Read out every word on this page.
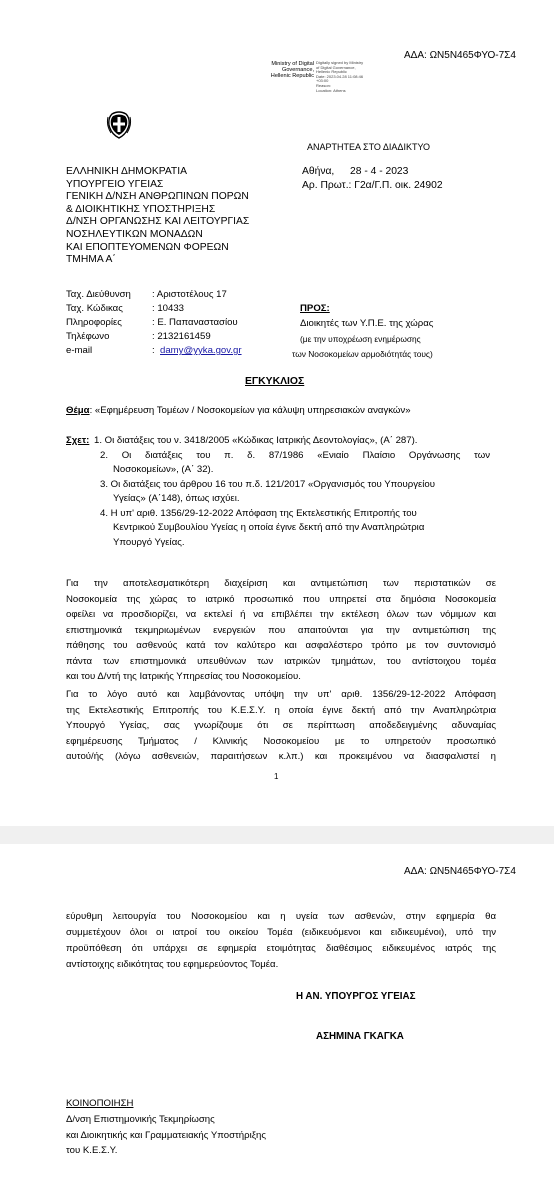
ΑΔΑ: ΩΝ5Ν465ΦΥΟ-7Σ4
Ministry of Digital
Governance,
Hellenic Republic
Digitally signed by Ministry
of Digital Governance,
Hellenic Republic
Date: 2023.04.28 11:08:46
+03:00
Reason:
Location: Athens
ΑΝΑΡΤΗΤΕΑ ΣΤΟ ΔΙΑΔΙΚΤΥΟ
ΕΛΛΗΝΙΚΗ ΔΗΜΟΚΡΑΤΙΑ
ΥΠΟΥΡΓΕΙΟ ΥΓΕΙΑΣ
ΓΕΝΙΚΗ Δ/ΝΣΗ ΑΝΘΡΩΠΙΝΩΝ ΠΟΡΩΝ
& ΔΙΟΙΚΗΤΙΚΗΣ ΥΠΟΣΤΗΡΙΞΗΣ
Δ/ΝΣΗ ΟΡΓΑΝΩΣΗΣ ΚΑΙ ΛΕΙΤΟΥΡΓΙΑΣ
ΝΟΣΗΛΕΥΤΙΚΩΝ ΜΟΝΑΔΩΝ
ΚΑΙ ΕΠΟΠΤΕΥΟΜΕΝΩΝ ΦΟΡΕΩΝ
ΤΜΗΜΑ Α΄
Αθήνα, 28 - 4 - 2023
Αρ. Πρωτ.: Γ2α/Γ.Π. οικ. 24902
Ταχ. Διεύθυνση : Αριστοτέλους 17
Ταχ. Κώδικας	: 10433
Πληροφορίες	: Ε. Παπαναστασίου
Τηλέφωνο	: 2132161459
e-mail	: damy@yyka.gov.gr
ΠΡΟΣ:
Διοικητές των Υ.Π.Ε. της χώρας
(με την υποχρέωση ενημέρωσης
των Νοσοκομείων αρμοδιότητάς τους)
ΕΓΚΥΚΛΙΟΣ
Θέμα: «Εφημέρευση Τομέων / Νοσοκομείων για κάλυψη υπηρεσιακών αναγκών»
Σχετ: 1. Οι διατάξεις του ν. 3418/2005 «Κώδικας Ιατρικής Δεοντολογίας», (Α΄ 287).
2. Οι διατάξεις του π. δ. 87/1986 «Ενιαίο Πλαίσιο Οργάνωσης των
Νοσοκομείων», (Α΄ 32).
3. Οι διατάξεις του άρθρου 16 του π.δ. 121/2017 «Οργανισμός του Υπουργείου
Υγείας» (Α΄148), όπως ισχύει.
4. Η υπ' αριθ. 1356/29-12-2022 Απόφαση της Εκτελεστικής Επιτροπής του
Κεντρικού Συμβουλίου Υγείας η οποία έγινε δεκτή από την Αναπληρώτρια
Υπουργό Υγείας.
Για την αποτελεσματικότερη διαχείριση και αντιμετώπιση των περιστατικών σε
Νοσοκομεία της χώρας το ιατρικό προσωπικό που υπηρετεί στα δημόσια Νοσοκομεία
οφείλει να προσδιορίζει, να εκτελεί ή να επιβλέπει την εκτέλεση όλων των νόμιμων και
επιστημονικά τεκμηριωμένων ενεργειών που απαιτούνται για την αντιμετώπιση της
πάθησης του ασθενούς κατά τον καλύτερο και ασφαλέστερο τρόπο με τον συντονισμό
πάντα των επιστημονικά υπευθύνων των ιατρικών τμημάτων, του αντίστοιχου τομέα
και του Δ/ντή της Ιατρικής Υπηρεσίας του Νοσοκομείου.
Για το λόγο αυτό και λαμβάνοντας υπόψη την υπ' αριθ. 1356/29-12-2022 Απόφαση
της Εκτελεστικής Επιτροπής του Κ.Ε.Σ.Υ. η οποία έγινε δεκτή από την Αναπληρώτρια
Υπουργό Υγείας, σας γνωρίζουμε ότι σε περίπτωση αποδεδειγμένης αδυναμίας
εφημέρευσης Τμήματος / Κλινικής Νοσοκομείου με το υπηρετούν προσωπικό
αυτού/ής (λόγω ασθενειών, παραιτήσεων κ.λπ.) και προκειμένου να διασφαλιστεί η
1
ΑΔΑ: ΩΝ5Ν465ΦΥΟ-7Σ4
εύρυθμη λειτουργία του Νοσοκομείου και η υγεία των ασθενών, στην εφημερία θα
συμμετέχουν όλοι οι ιατροί του οικείου Τομέα (ειδικευόμενοι και ειδικευμένοι), υπό την
προϋπόθεση ότι υπάρχει σε εφημερία ετοιμότητας διαθέσιμος ειδικευμένος ιατρός της
αντίστοιχης ειδικότητας του εφημερεύοντος Τομέα.
Η ΑΝ. ΥΠΟΥΡΓΟΣ ΥΓΕΙΑΣ
ΑΣΗΜΙΝΑ ΓΚΑΓΚΑ
ΚΟΙΝΟΠΟΙΗΣΗ
Δ/νση Επιστημονικής Τεκμηρίωσης
και Διοικητικής και Γραμματειακής Υποστήριξης
του Κ.Ε.Σ.Υ.
